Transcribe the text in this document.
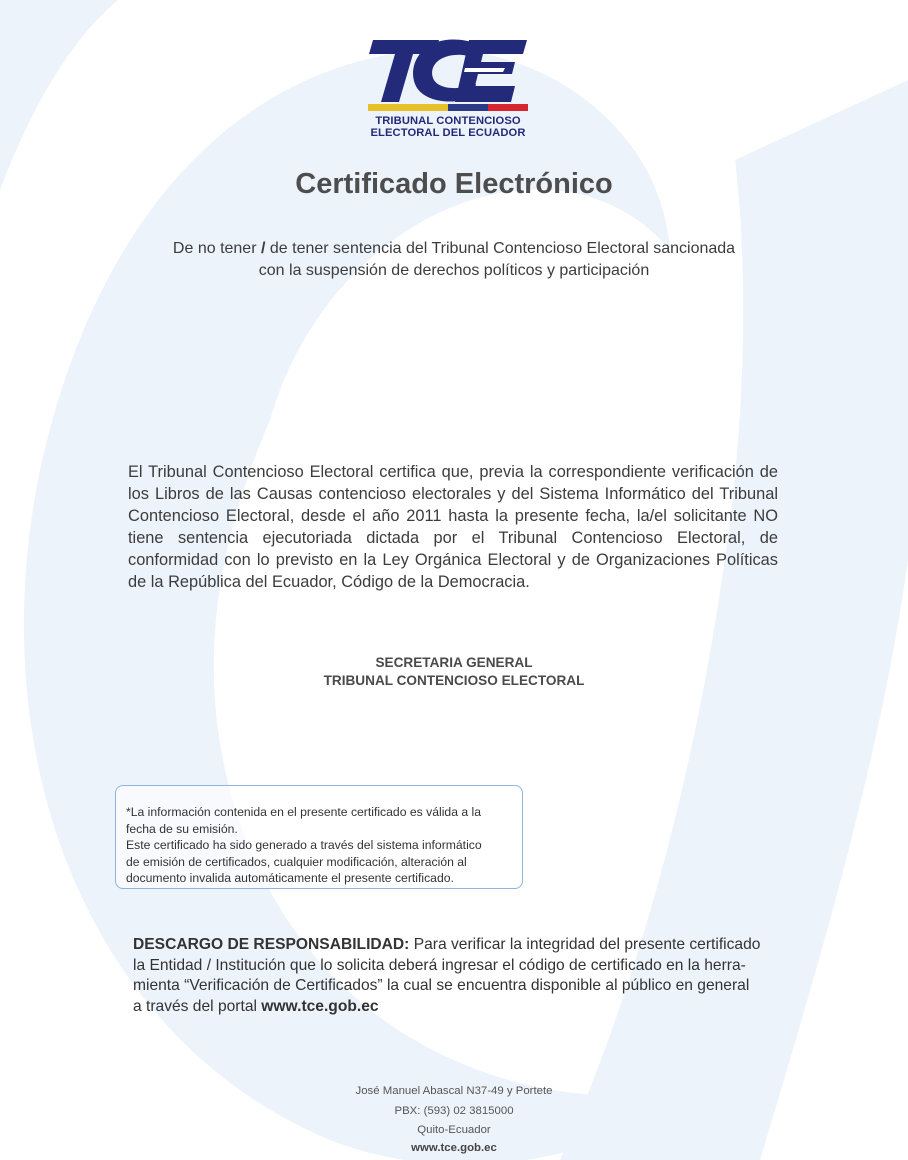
TRIBUNAL CONTENCIOSO
ELECTORAL DEL ECUADOR
Certificado Electrónico
De no tener / de tener sentencia del Tribunal Contencioso Electoral sancionada
con la suspensión de derechos políticos y participación
El Tribunal Contencioso Electoral certifica que, previa la correspondiente verificación de los Libros de las Causas contencioso electorales y del Sistema Informático del Tribunal Contencioso Electoral, desde el año 2011 hasta la presente fecha, la/el solicitante NO tiene sentencia ejecutoriada dictada por el Tribunal Contencioso Electoral, de conformidad con lo previsto en la Ley Orgánica Electoral y de Organizaciones Políticas de la República del Ecuador, Código de la Democracia.
SECRETARIA GENERAL
TRIBUNAL CONTENCIOSO ELECTORAL
*La información contenida en el presente certificado es válida a la
fecha de su emisión.
Este certificado ha sido generado a través del sistema informático
de emisión de certificados, cualquier modificación, alteración al
documento invalida automáticamente el presente certificado.
DESCARGO DE RESPONSABILIDAD: Para verificar la integridad del presente certificado
la Entidad / Institución que lo solicita deberá ingresar el código de certificado en la herra-
mienta “Verificación de Certificados” la cual se encuentra disponible al público en general
a través del portal www.tce.gob.ec
José Manuel Abascal N37-49 y Portete
PBX: (593) 02 3815000
Quito-Ecuador
www.tce.gob.ec
